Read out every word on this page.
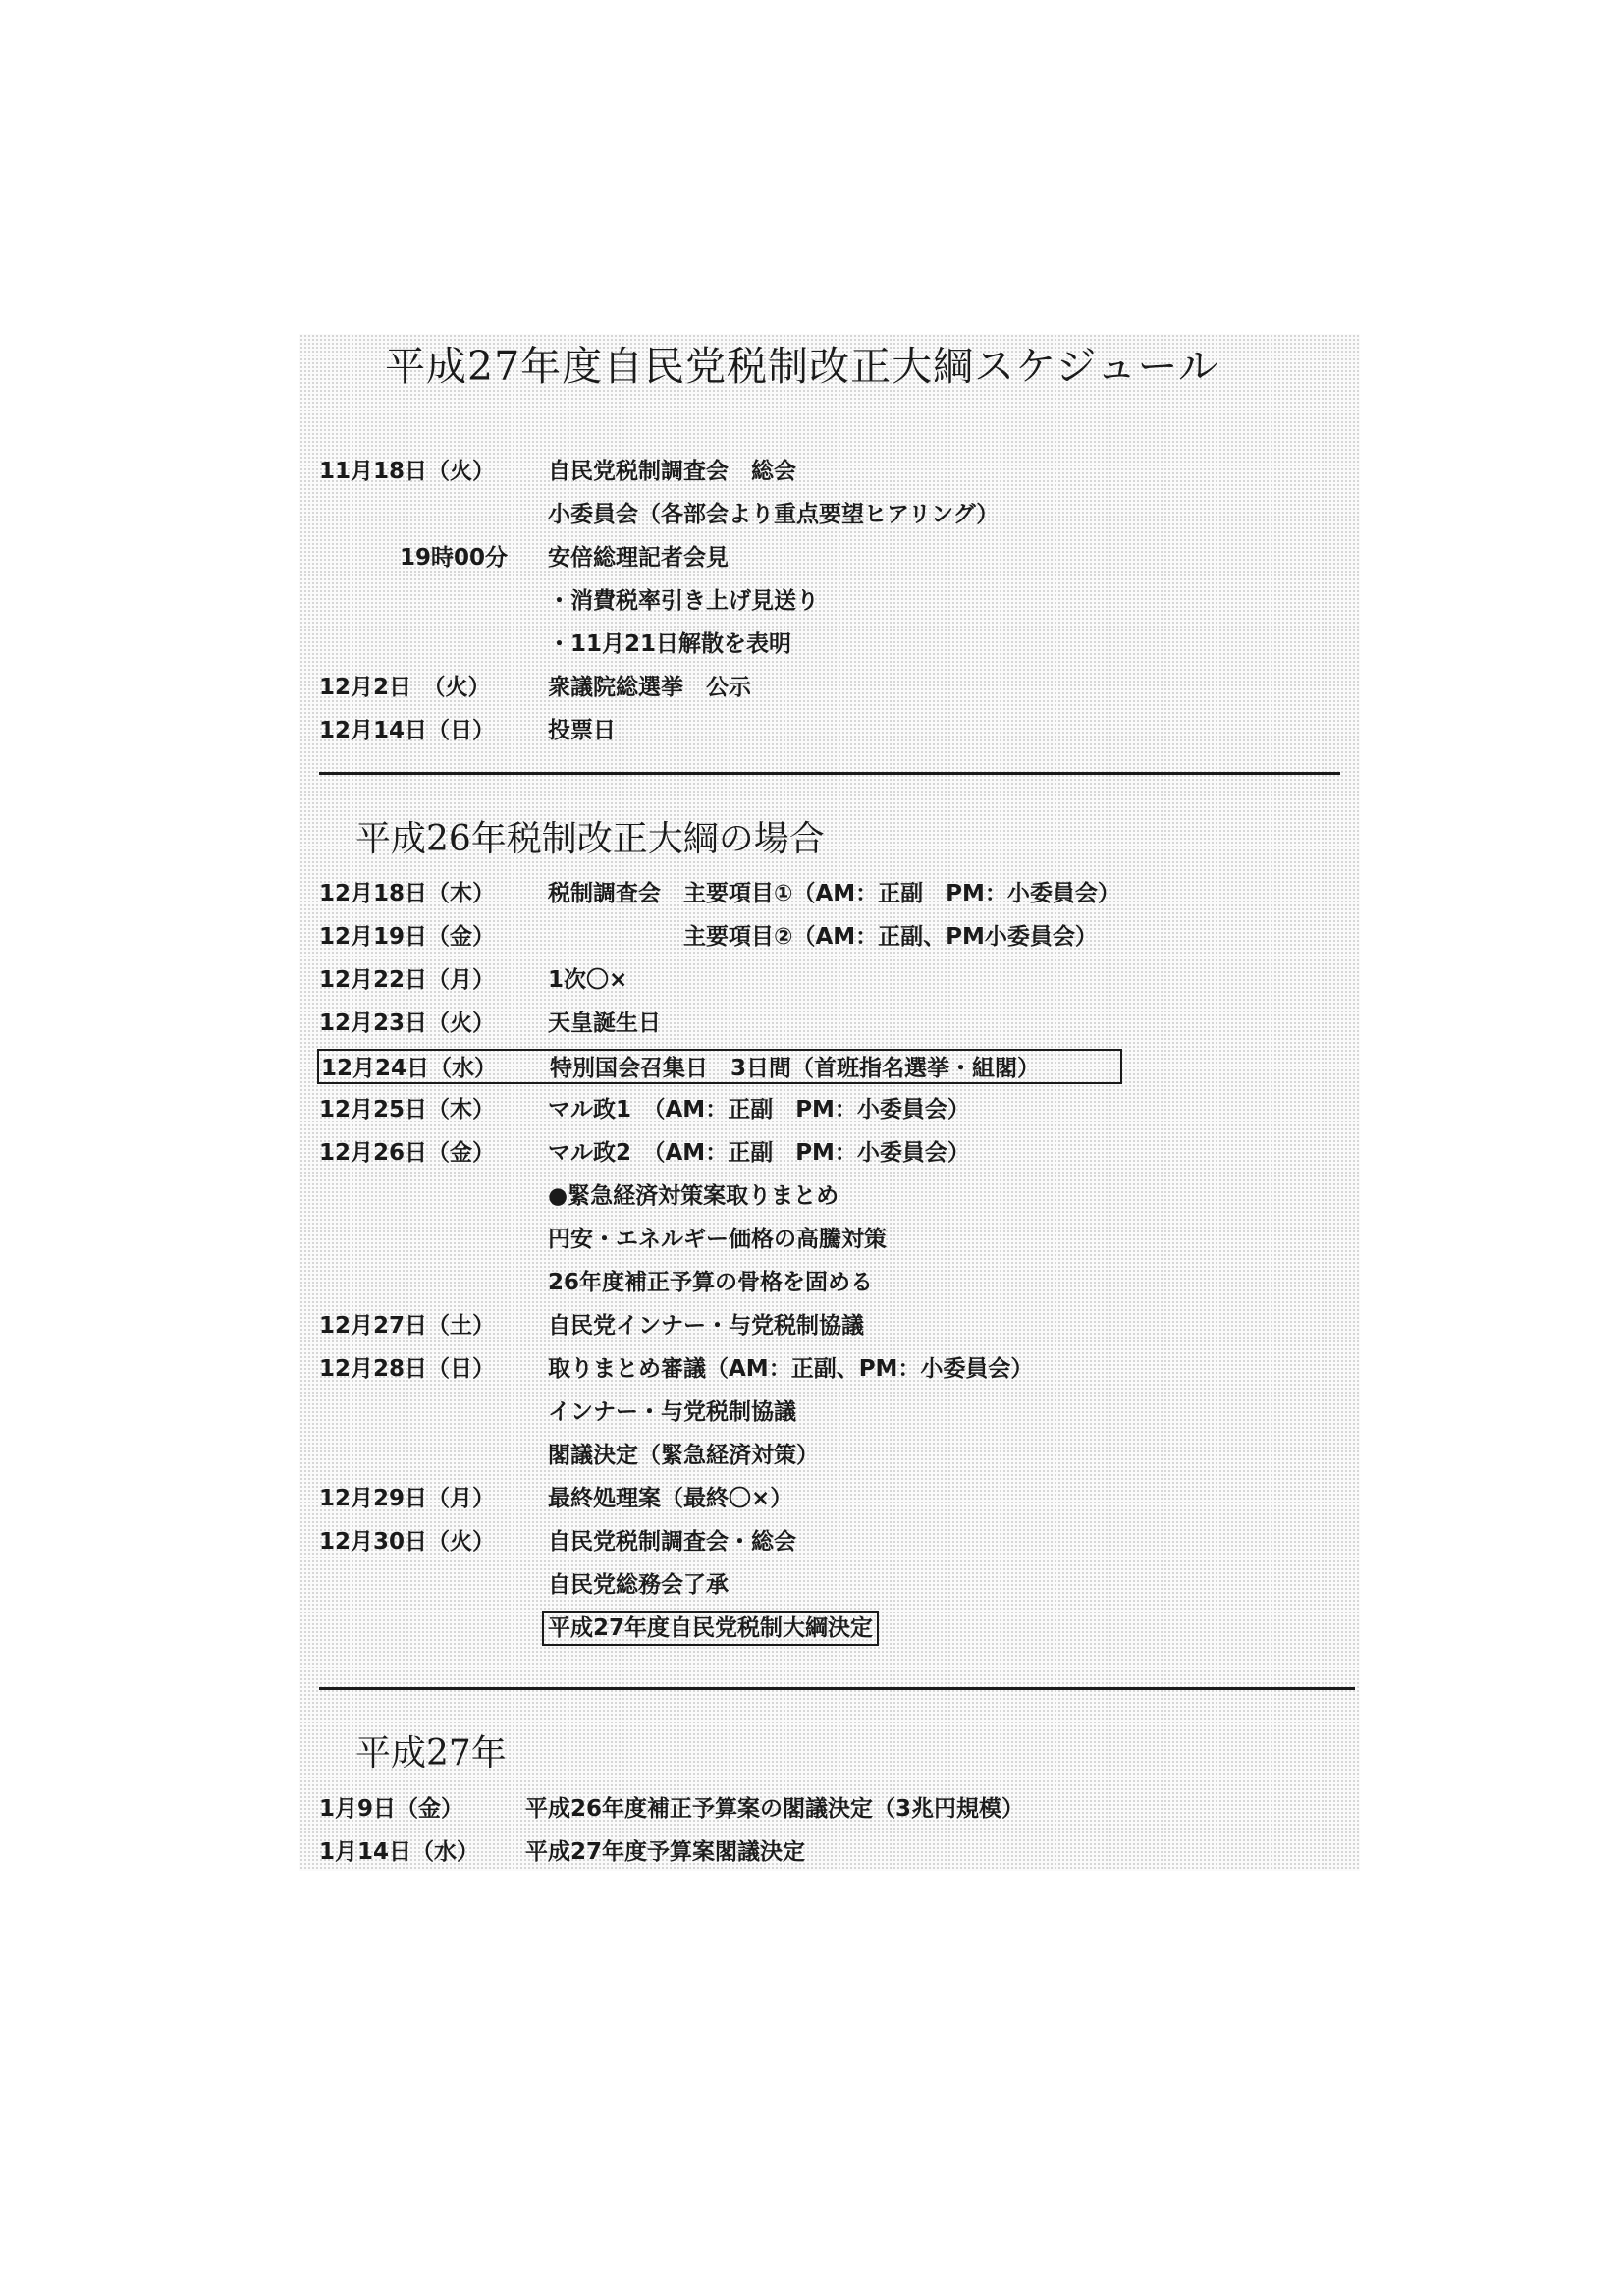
平成27年度自民党税制改正大綱スケジュール
11月18日（火） 自民党税制調査会　総会
小委員会（各部会より重点要望ヒアリング）
19時00分 安倍総理記者会見
・消費税率引き上げ見送り
・11月21日解散を表明
12月2日　（火）	衆議院総選挙　公示
12月14日（日） 投票日
平成26年税制改正大綱の場合
12月18日（木） 税制調査会　主要項目①（AM：正副　PM：小委員会）
12月19日（金） 　　　　　　主要項目②（AM：正副、PM小委員会）
12月22日（月） 1次〇×
12月23日（火） 天皇誕生日
12月24日（水） 特別国会召集日　3日間（首班指名選挙・組閣）
12月25日（木） マル政1　（AM：正副　PM：小委員会）
12月26日（金） マル政2　（AM：正副　PM：小委員会）
●緊急経済対策案取りまとめ
円安・エネルギー価格の高騰対策
26年度補正予算の骨格を固める
12月27日（土） 自民党インナー・与党税制協議
12月28日（日） 取りまとめ審議（AM：正副、PM：小委員会）
インナー・与党税制協議
閣議決定（緊急経済対策）
12月29日（月） 最終処理案（最終〇×）
12月30日（火） 自民党税制調査会・総会
自民党総務会了承
平成27年度自民党税制大綱決定
平成27年
1月9日（金）	平成26年度補正予算案の閣議決定（3兆円規模）
1月14日（水） 平成27年度予算案閣議決定
